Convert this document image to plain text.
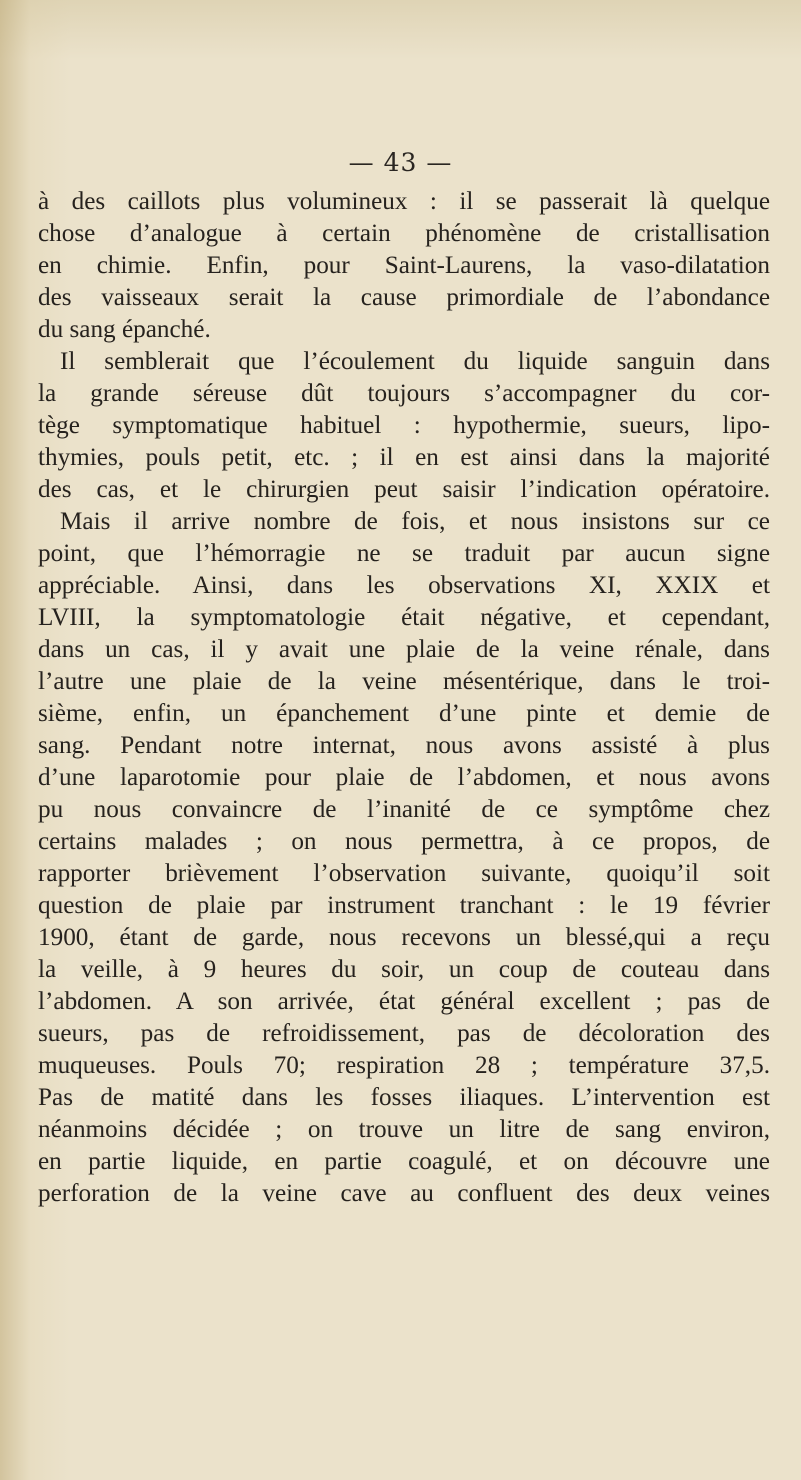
— 43 —
à des caillots plus volumineux : il se passerait là quelque
chose d’analogue à certain phénomène de cristallisation
en chimie. Enfin, pour Saint-Laurens, la vaso-dilatation
des vaisseaux serait la cause primordiale de l’abondance
du sang épanché.
Il semblerait que l’écoulement du liquide sanguin dans
la grande séreuse dût toujours s’accompagner du cor-
tège symptomatique habituel : hypothermie, sueurs, lipo-
thymies, pouls petit, etc. ; il en est ainsi dans la majorité
des cas, et le chirurgien peut saisir l’indication opératoire.
Mais il arrive nombre de fois, et nous insistons sur ce
point, que l’hémorragie ne se traduit par aucun signe
appréciable. Ainsi, dans les observations XI, XXIX et
LVIII, la symptomatologie était négative, et cependant,
dans un cas, il y avait une plaie de la veine rénale, dans
l’autre une plaie de la veine mésentérique, dans le troi-
sième, enfin, un épanchement d’une pinte et demie de
sang. Pendant notre internat, nous avons assisté à plus
d’une laparotomie pour plaie de l’abdomen, et nous avons
pu nous convaincre de l’inanité de ce symptôme chez
certains malades ; on nous permettra, à ce propos, de
rapporter brièvement l’observation suivante, quoiqu’il soit
question de plaie par instrument tranchant : le 19 février
1900, étant de garde, nous recevons un blessé,qui a reçu
la veille, à 9 heures du soir, un coup de couteau dans
l’abdomen. A son arrivée, état général excellent ; pas de
sueurs, pas de refroidissement, pas de décoloration des
muqueuses. Pouls 70; respiration 28 ; température 37,5.
Pas de matité dans les fosses iliaques. L’intervention est
néanmoins décidée ; on trouve un litre de sang environ,
en partie liquide, en partie coagulé, et on découvre une
perforation de la veine cave au confluent des deux veines
